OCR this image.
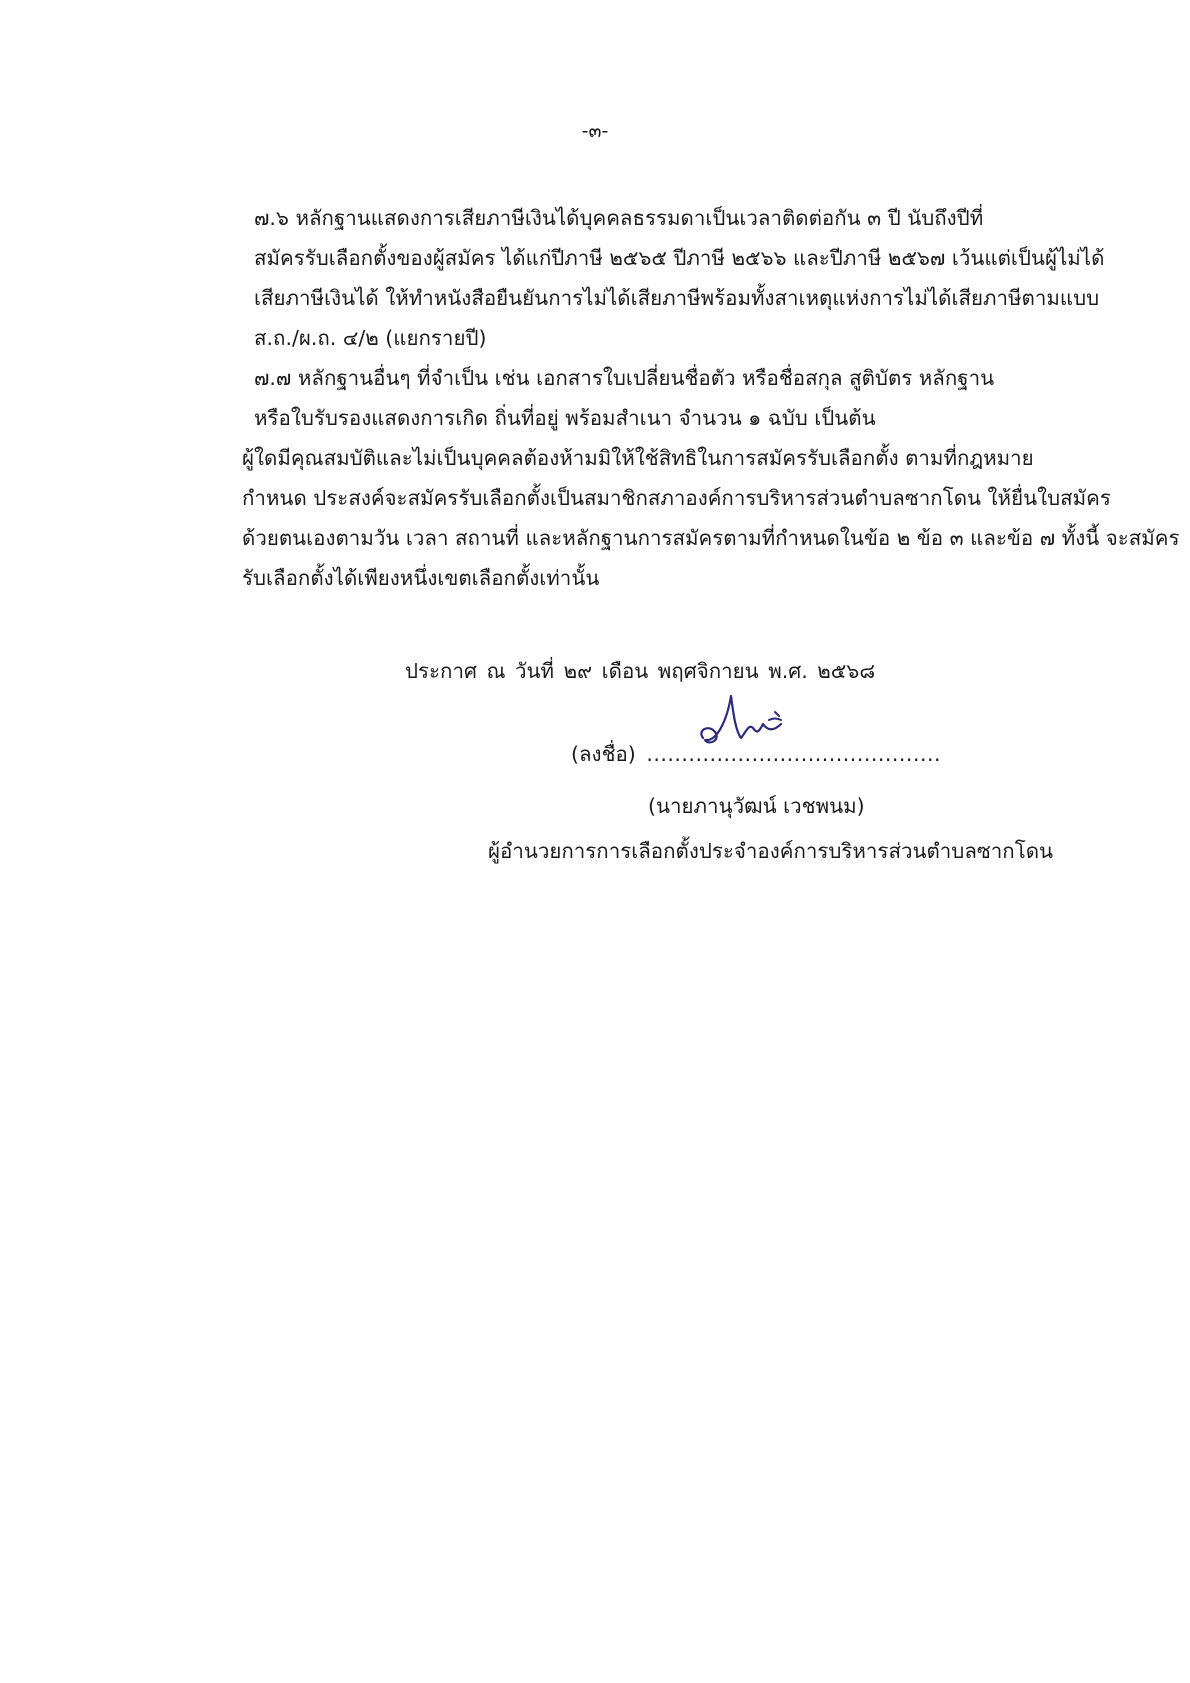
-๓-

๗.๖ หลักฐานแสดงการเสียภาษีเงินได้บุคคลธรรมดาเป็นเวลาติดต่อกัน ๓ ปี นับถึงปีที่
สมัครรับเลือกตั้งของผู้สมัคร ได้แก่ปีภาษี ๒๕๖๕ ปีภาษี ๒๕๖๖ และปีภาษี ๒๕๖๗ เว้นแต่เป็นผู้ไม่ได้
เสียภาษีเงินได้ ให้ทำหนังสือยืนยันการไม่ได้เสียภาษีพร้อมทั้งสาเหตุแห่งการไม่ได้เสียภาษีตามแบบ
ส.ถ./ผ.ถ. ๔/๒ (แยกรายปี)

๗.๗ หลักฐานอื่นๆ ที่จำเป็น เช่น เอกสารใบเปลี่ยนชื่อตัว หรือชื่อสกุล สูติบัตร หลักฐาน
หรือใบรับรองแสดงการเกิด ถิ่นที่อยู่ พร้อมสำเนา จำนวน ๑ ฉบับ เป็นต้น

ผู้ใดมีคุณสมบัติและไม่เป็นบุคคลต้องห้ามมิให้ใช้สิทธิในการสมัครรับเลือกตั้ง ตามที่กฎหมาย
กำหนด ประสงค์จะสมัครรับเลือกตั้งเป็นสมาชิกสภาองค์การบริหารส่วนตำบลซากโดน ให้ยื่นใบสมัคร
ด้วยตนเองตามวัน เวลา สถานที่ และหลักฐานการสมัครตามที่กำหนดในข้อ ๒ ข้อ ๓ และข้อ ๗ ทั้งนี้ จะสมัคร
รับเลือกตั้งได้เพียงหนึ่งเขตเลือกตั้งเท่านั้น

ประกาศ ณ วันที่ ๒๙ เดือน พฤศจิกายน พ.ศ. ๒๕๖๘
(ลงชื่อ) ..........................................
(นายภานุวัฒน์ เวชพนม)
ผู้อำนวยการการเลือกตั้งประจำองค์การบริหารส่วนตำบลซากโดน
